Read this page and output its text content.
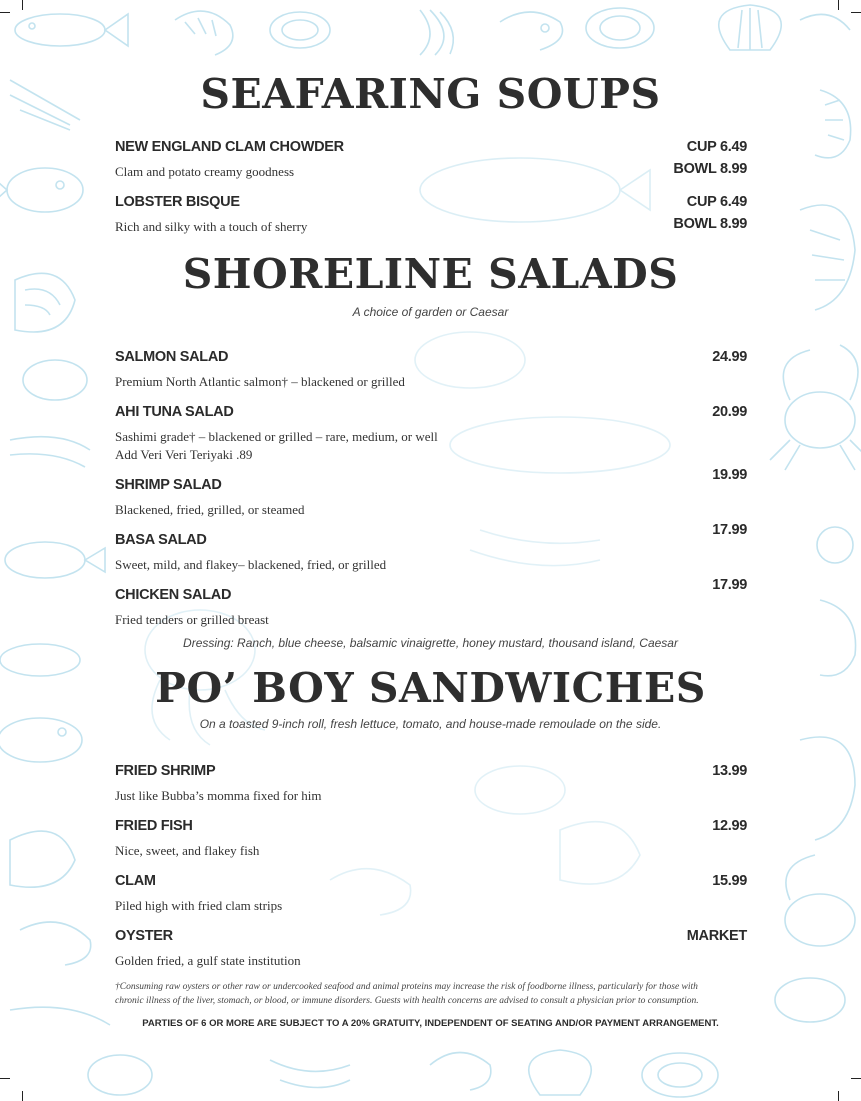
SEAFARING SOUPS
NEW ENGLAND CLAM CHOWDER
Clam and potato creamy goodness
CUP 6.49
BOWL 8.99
LOBSTER BISQUE
Rich and silky with a touch of sherry
CUP 6.49
BOWL 8.99
SHORELINE SALADS
A choice of garden or Caesar
SALMON SALAD
Premium North Atlantic salmon† – blackened or grilled
24.99
AHI TUNA SALAD
Sashimi grade† – blackened or grilled – rare, medium, or well
Add Veri Veri Teriyaki .89
20.99
SHRIMP SALAD
Blackened, fried, grilled, or steamed
19.99
BASA SALAD
Sweet, mild, and flakey– blackened, fried, or grilled
17.99
CHICKEN SALAD
Fried tenders or grilled breast
17.99
Dressing: Ranch, blue cheese, balsamic vinaigrette, honey mustard, thousand island, Caesar
PO’ BOY SANDWICHES
On a toasted 9-inch roll, fresh lettuce, tomato, and house-made remoulade on the side.
FRIED SHRIMP
Just like Bubba’s momma fixed for him
13.99
FRIED FISH
Nice, sweet, and flakey fish
12.99
CLAM
Piled high with fried clam strips
15.99
OYSTER
Golden fried, a gulf state institution
MARKET
†Consuming raw oysters or other raw or undercooked seafood and animal proteins may increase the risk of foodborne illness, particularly for those with
chronic illness of the liver, stomach, or blood, or immune disorders. Guests with health concerns are advised to consult a physician prior to consumption.
PARTIES OF 6 OR MORE ARE SUBJECT TO A 20% GRATUITY, INDEPENDENT OF SEATING AND/OR PAYMENT ARRANGEMENT.
